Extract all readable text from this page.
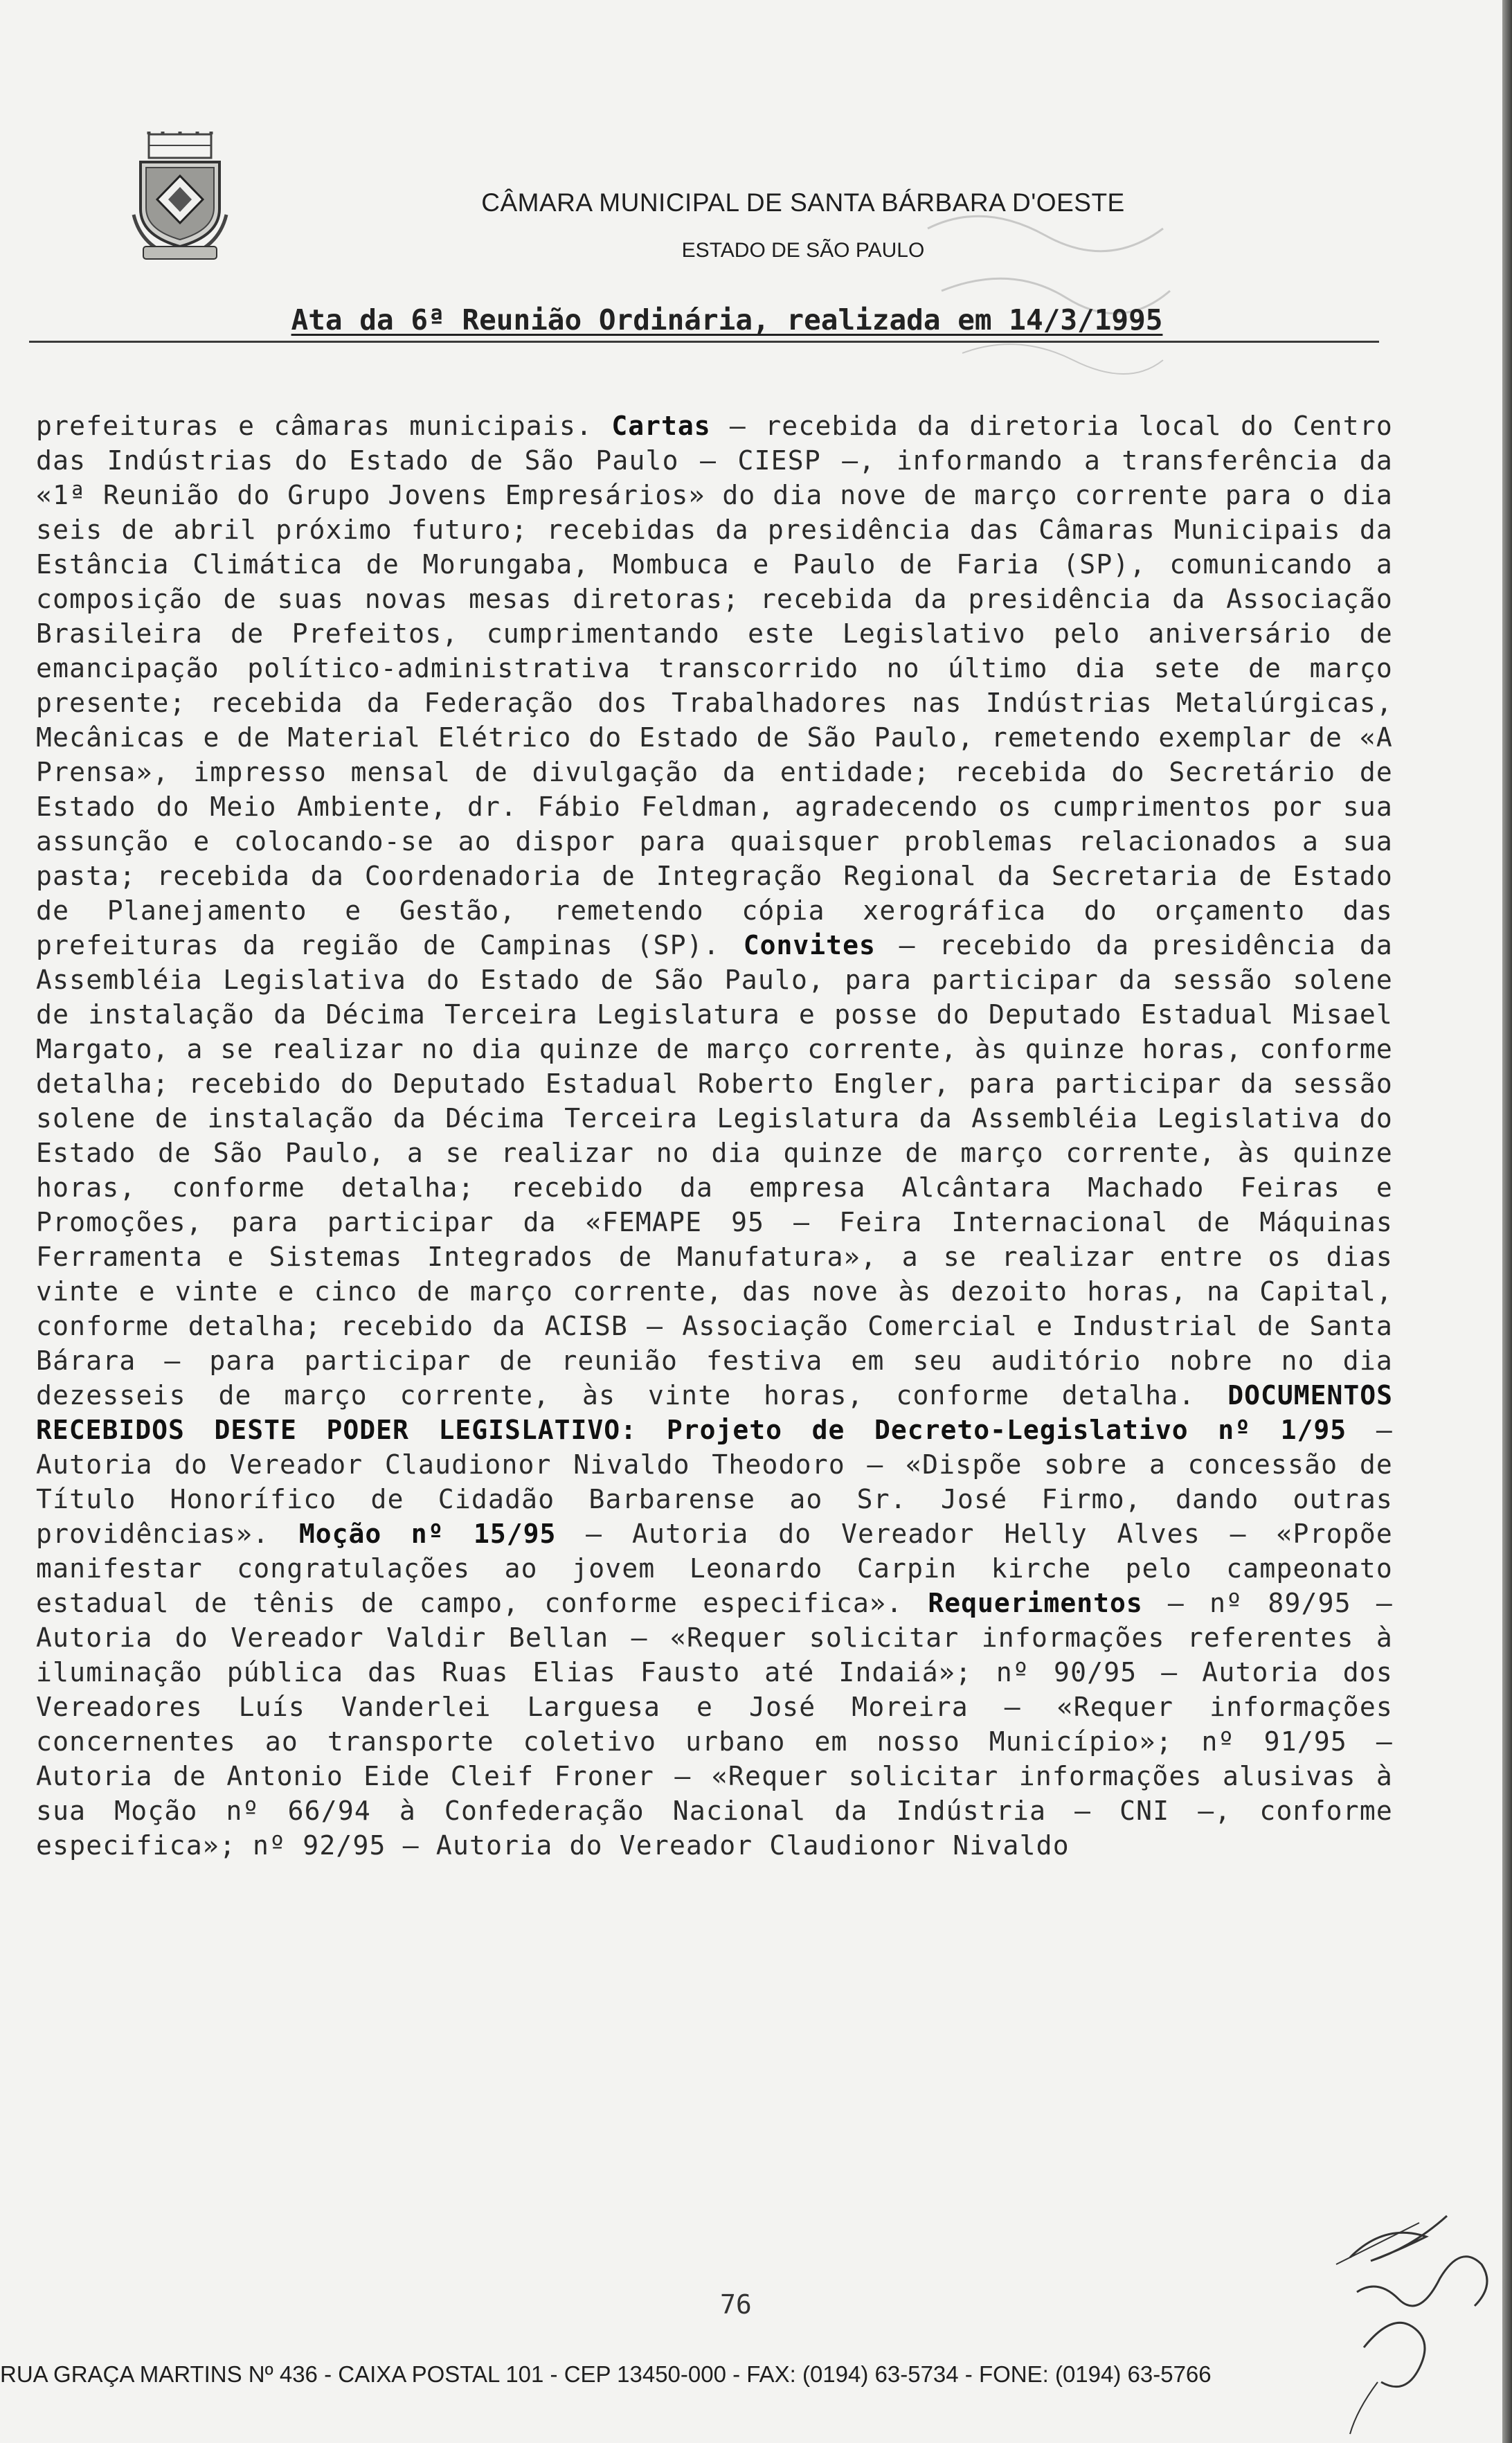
CÂMARA MUNICIPAL DE SANTA BÁRBARA D'OESTE
ESTADO DE SÃO PAULO
Ata da 6ª Reunião Ordinária, realizada em 14/3/1995
prefeituras e câmaras municipais. Cartas – recebida da diretoria local do Centro das Indústrias do Estado de São Paulo – CIESP –, informando a transferência da «1ª Reunião do Grupo Jovens Empresários» do dia nove de março corrente para o dia seis de abril próximo futuro; recebidas da presidência das Câmaras Municipais da Estância Climática de Morungaba, Mombuca e Paulo de Faria (SP), comunicando a composição de suas novas mesas diretoras; recebida da presidência da Associação Brasileira de Prefeitos, cumprimentando este Legislativo pelo aniversário de emancipação político-administrativa transcorrido no último dia sete de março presente; recebida da Federação dos Trabalhadores nas Indústrias Metalúrgicas, Mecânicas e de Material Elétrico do Estado de São Paulo, remetendo exemplar de «A Prensa», impresso mensal de divulgação da entidade; recebida do Secretário de Estado do Meio Ambiente, dr. Fábio Feldman, agradecendo os cumprimentos por sua assunção e colocando-se ao dispor para quaisquer problemas relacionados a sua pasta; recebida da Coordenadoria de Integração Regional da Secretaria de Estado de Planejamento e Gestão, remetendo cópia xerográfica do orçamento das prefeituras da região de Campinas (SP). Convites – recebido da presidência da Assembléia Legislativa do Estado de São Paulo, para participar da sessão solene de instalação da Décima Terceira Legislatura e posse do Deputado Estadual Misael Margato, a se realizar no dia quinze de março corrente, às quinze horas, conforme detalha; recebido do Deputado Estadual Roberto Engler, para participar da sessão solene de instalação da Décima Terceira Legislatura da Assembléia Legislativa do Estado de São Paulo, a se realizar no dia quinze de março corrente, às quinze horas, conforme detalha; recebido da empresa Alcântara Machado Feiras e Promoções, para participar da «FEMAPE 95 – Feira Internacional de Máquinas Ferramenta e Sistemas Integrados de Manufatura», a se realizar entre os dias vinte e vinte e cinco de março corrente, das nove às dezoito horas, na Capital, conforme detalha; recebido da ACISB – Associação Comercial e Industrial de Santa Bárara – para participar de reunião festiva em seu auditório nobre no dia dezesseis de março corrente, às vinte horas, conforme detalha. DOCUMENTOS RECEBIDOS DESTE PODER LEGISLATIVO: Projeto de Decreto-Legislativo nº 1/95 – Autoria do Vereador Claudionor Nivaldo Theodoro – «Dispõe sobre a concessão de Título Honorífico de Cidadão Barbarense ao Sr. José Firmo, dando outras providências». Moção nº 15/95 – Autoria do Vereador Helly Alves – «Propõe manifestar congratulações ao jovem Leonardo Carpin kirche pelo campeonato estadual de tênis de campo, conforme especifica». Requerimentos – nº 89/95 – Autoria do Vereador Valdir Bellan – «Requer solicitar informações referentes à iluminação pública das Ruas Elias Fausto até Indaiá»; nº 90/95 – Autoria dos Vereadores Luís Vanderlei Larguesa e José Moreira – «Requer informações concernentes ao transporte coletivo urbano em nosso Município»; nº 91/95 – Autoria de Antonio Eide Cleif Froner – «Requer solicitar informações alusivas à sua Moção nº 66/94 à Confederação Nacional da Indústria – CNI –, conforme especifica»; nº 92/95 – Autoria do Vereador Claudionor Nivaldo
76
RUA GRAÇA MARTINS Nº 436 - CAIXA POSTAL 101 - CEP 13450-000 - FAX: (0194) 63-5734 - FONE: (0194) 63-5766
